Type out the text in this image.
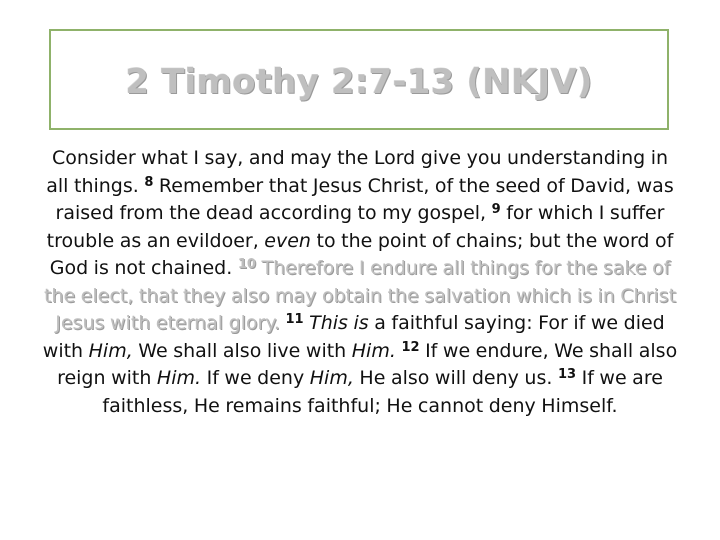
2 Timothy 2:7-13 (NKJV)

Consider what I say, and may the Lord give you understanding in all things. $^8$ Remember that Jesus Christ, of the seed of David, was raised from the dead according to my gospel, $^9$ for which I suffer trouble as an evildoer, even to the point of chains; but the word of God is not chained. $^{10}$ Therefore I endure all things for the sake of the elect, that they also may obtain the salvation which is in Christ Jesus with eternal glory. $^{11}$ This is a faithful saying: For if we died with Him, We shall also live with Him. $^{12}$ If we endure, We shall also reign with Him. If we deny Him, He also will deny us. $^{13}$ If we are faithless, He remains faithful; He cannot deny Himself.
